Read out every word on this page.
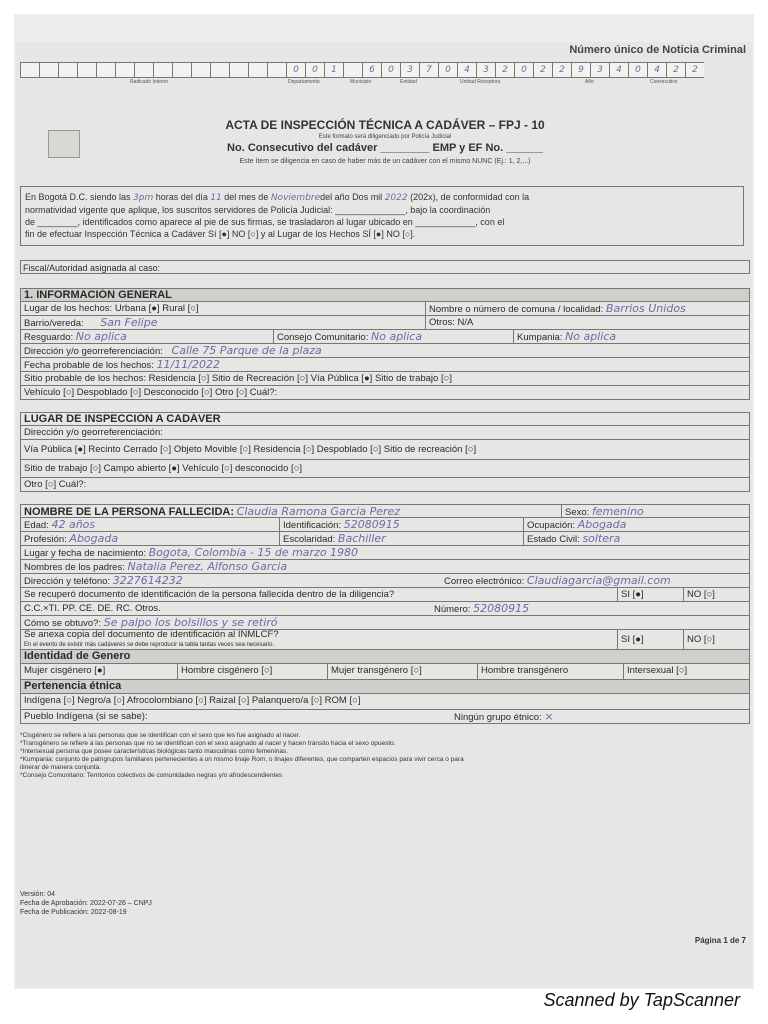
Número único de Noticia Criminal
0	0	1	6	0	3	7	0	4	3	2	0	2	2	9	3	4	0	4	2	2
Radicado Interno	Departamento	Municipio	Entidad	Unidad Receptora	Año	Consecutivo
ACTA DE INSPECCIÓN TÉCNICA A CADÁVER – FPJ - 10
Este formato será diligenciado por Policía Judicial
No. Consecutivo del cadáver ________ EMP y EF No. ______
Este ítem se diligencia en caso de haber más de un cadáver con el mismo NUNC (Ej.: 1, 2,...)
En Bogotá D.C. siendo las 3pm horas del día 11 del mes de Noviembredel año Dos mil 2022 (202x), de conformidad con la
normatividad vigente que aplique, los suscritos servidores de Policía Judicial: ______________, bajo la coordinación
de ________, identificados como aparece al pie de sus firmas, se trasladaron al lugar ubicado en ____________, con el
fin de efectuar Inspección Técnica a Cadáver Sí [●] NO [○] y al Lugar de los Hechos SÍ [●] NO [○].
Fiscal/Autoridad asignada al caso:
1. INFORMACIÓN GENERAL
Lugar de los hechos: Urbana [●] Rural [○]	Nombre o número de comuna / localidad: Barrios Unidos
Barrio/vereda: San Felipe	Otros: N/A
Resguardo: No aplica	Consejo Comunitario: No aplica	Kumpania: No aplica
Dirección y/o georreferenciación: Calle 75 Parque de la plaza
Fecha probable de los hechos: 11/11/2022
Sitio probable de los hechos: Residencia [○] Sitio de Recreación [○] Vía Pública [●] Sitio de trabajo [○]
Vehículo [○] Despoblado [○] Desconocido [○] Otro [○] Cuál?:
LUGAR DE INSPECCIÓN A CADÁVER
Dirección y/o georreferenciación:
Vía Pública [●] Recinto Cerrado [○] Objeto Movible [○] Residencia [○] Despoblado [○] Sitio de recreación [○]
Sitio de trabajo [○] Campo abierto [●] Vehículo [○] desconocido [○]
Otro [○] Cuál?:
NOMBRE DE LA PERSONA FALLECIDA: Claudia Ramona Garcia Perez	Sexo: femenino
Edad: 42 años	Identificación: 52080915	Ocupación: Abogada
Profesión: Abogada	Escolaridad: Bachiller	Estado Civil: soltera
Lugar y fecha de nacimiento: Bogota, Colombia - 15 de marzo 1980
Nombres de los padres: Natalia Perez, Alfonso Garcia
Dirección y teléfono: 3227614232	Correo electrónico: Claudiagarcia@gmail.com
Se recuperó documento de identificación de la persona fallecida dentro de la diligencia?	SI [●]	NO [○]
C.C.×TI. PP. CE. DE. RC. Otros.	Número: 52080915
Cómo se obtuvo?: Se palpo los bolsillos y se retiró
Se anexa copia del documento de identificación al INMLCF?
En el evento de existir más cadáveres se debe reproducir la tabla tantas veces sea necesario.	SI [●]	NO [○]
Identidad de Genero
Mujer cisgénero [●]	Hombre cisgénero [○]	Mujer transgénero [○]	Hombre transgénero	Intersexual [○]
Pertenencia étnica
Indígena [○] Negro/a [○] Afrocolombiano [○] Raizal [○] Palanquero/a [○] ROM [○]
Pueblo Indígena (si se sabe):	Ningún grupo étnico: ×
*Cisgénero se refiere a las personas que se identifican con el sexo que les fue asignado al nacer.
*Transgénero se refiere a las personas que no se identifican con el sexo asignado al nacer y hacen tránsito hacia el sexo opuesto.
*Intersexual persona que posee características biológicas tanto masculinas como femeninas.
*Kumpania: conjunto de patrigrupos familiares pertenecientes a un mismo linaje Rom, o linajes diferentes, que comparten espacios para vivir cerca o para
itinerar de manera conjunta.
*Consejo Comunitario: Territorios colectivos de comunidades negras y/o afrodescendientes
Versión: 04
Fecha de Aprobación: 2022-07-26 – CNPJ
Fecha de Publicación: 2022-08-19
Página 1 de 7
Scanned by TapScanner
